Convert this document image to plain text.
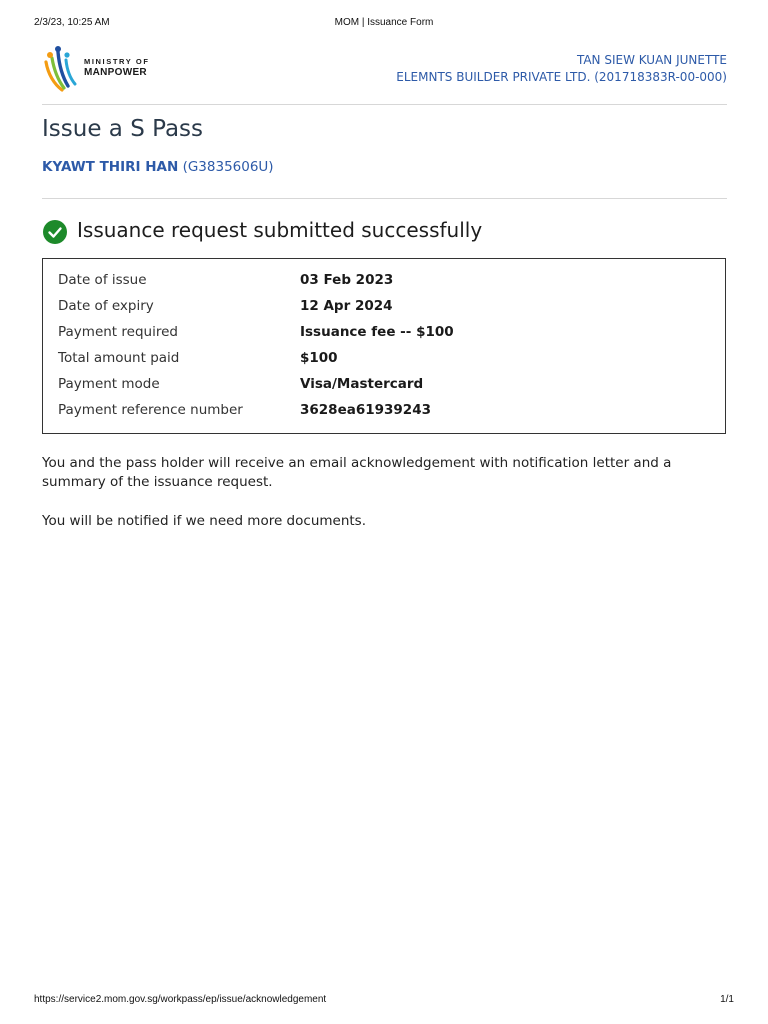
2/3/23, 10:25 AM	MOM | Issuance Form
MINISTRY OF
MANPOWER
TAN SIEW KUAN JUNETTE
ELEMNTS BUILDER PRIVATE LTD. (201718383R-00-000)
Issue a S Pass
KYAWT THIRI HAN (G3835606U)
Issuance request submitted successfully
Date of issue	03 Feb 2023
Date of expiry	12 Apr 2024
Payment required	Issuance fee -- $100
Total amount paid	$100
Payment mode	Visa/Mastercard
Payment reference number	3628ea61939243

You and the pass holder will receive an email acknowledgement with notification letter and a summary of the issuance request.

You will be notified if we need more documents.

https://service2.mom.gov.sg/workpass/ep/issue/acknowledgement	1/1
